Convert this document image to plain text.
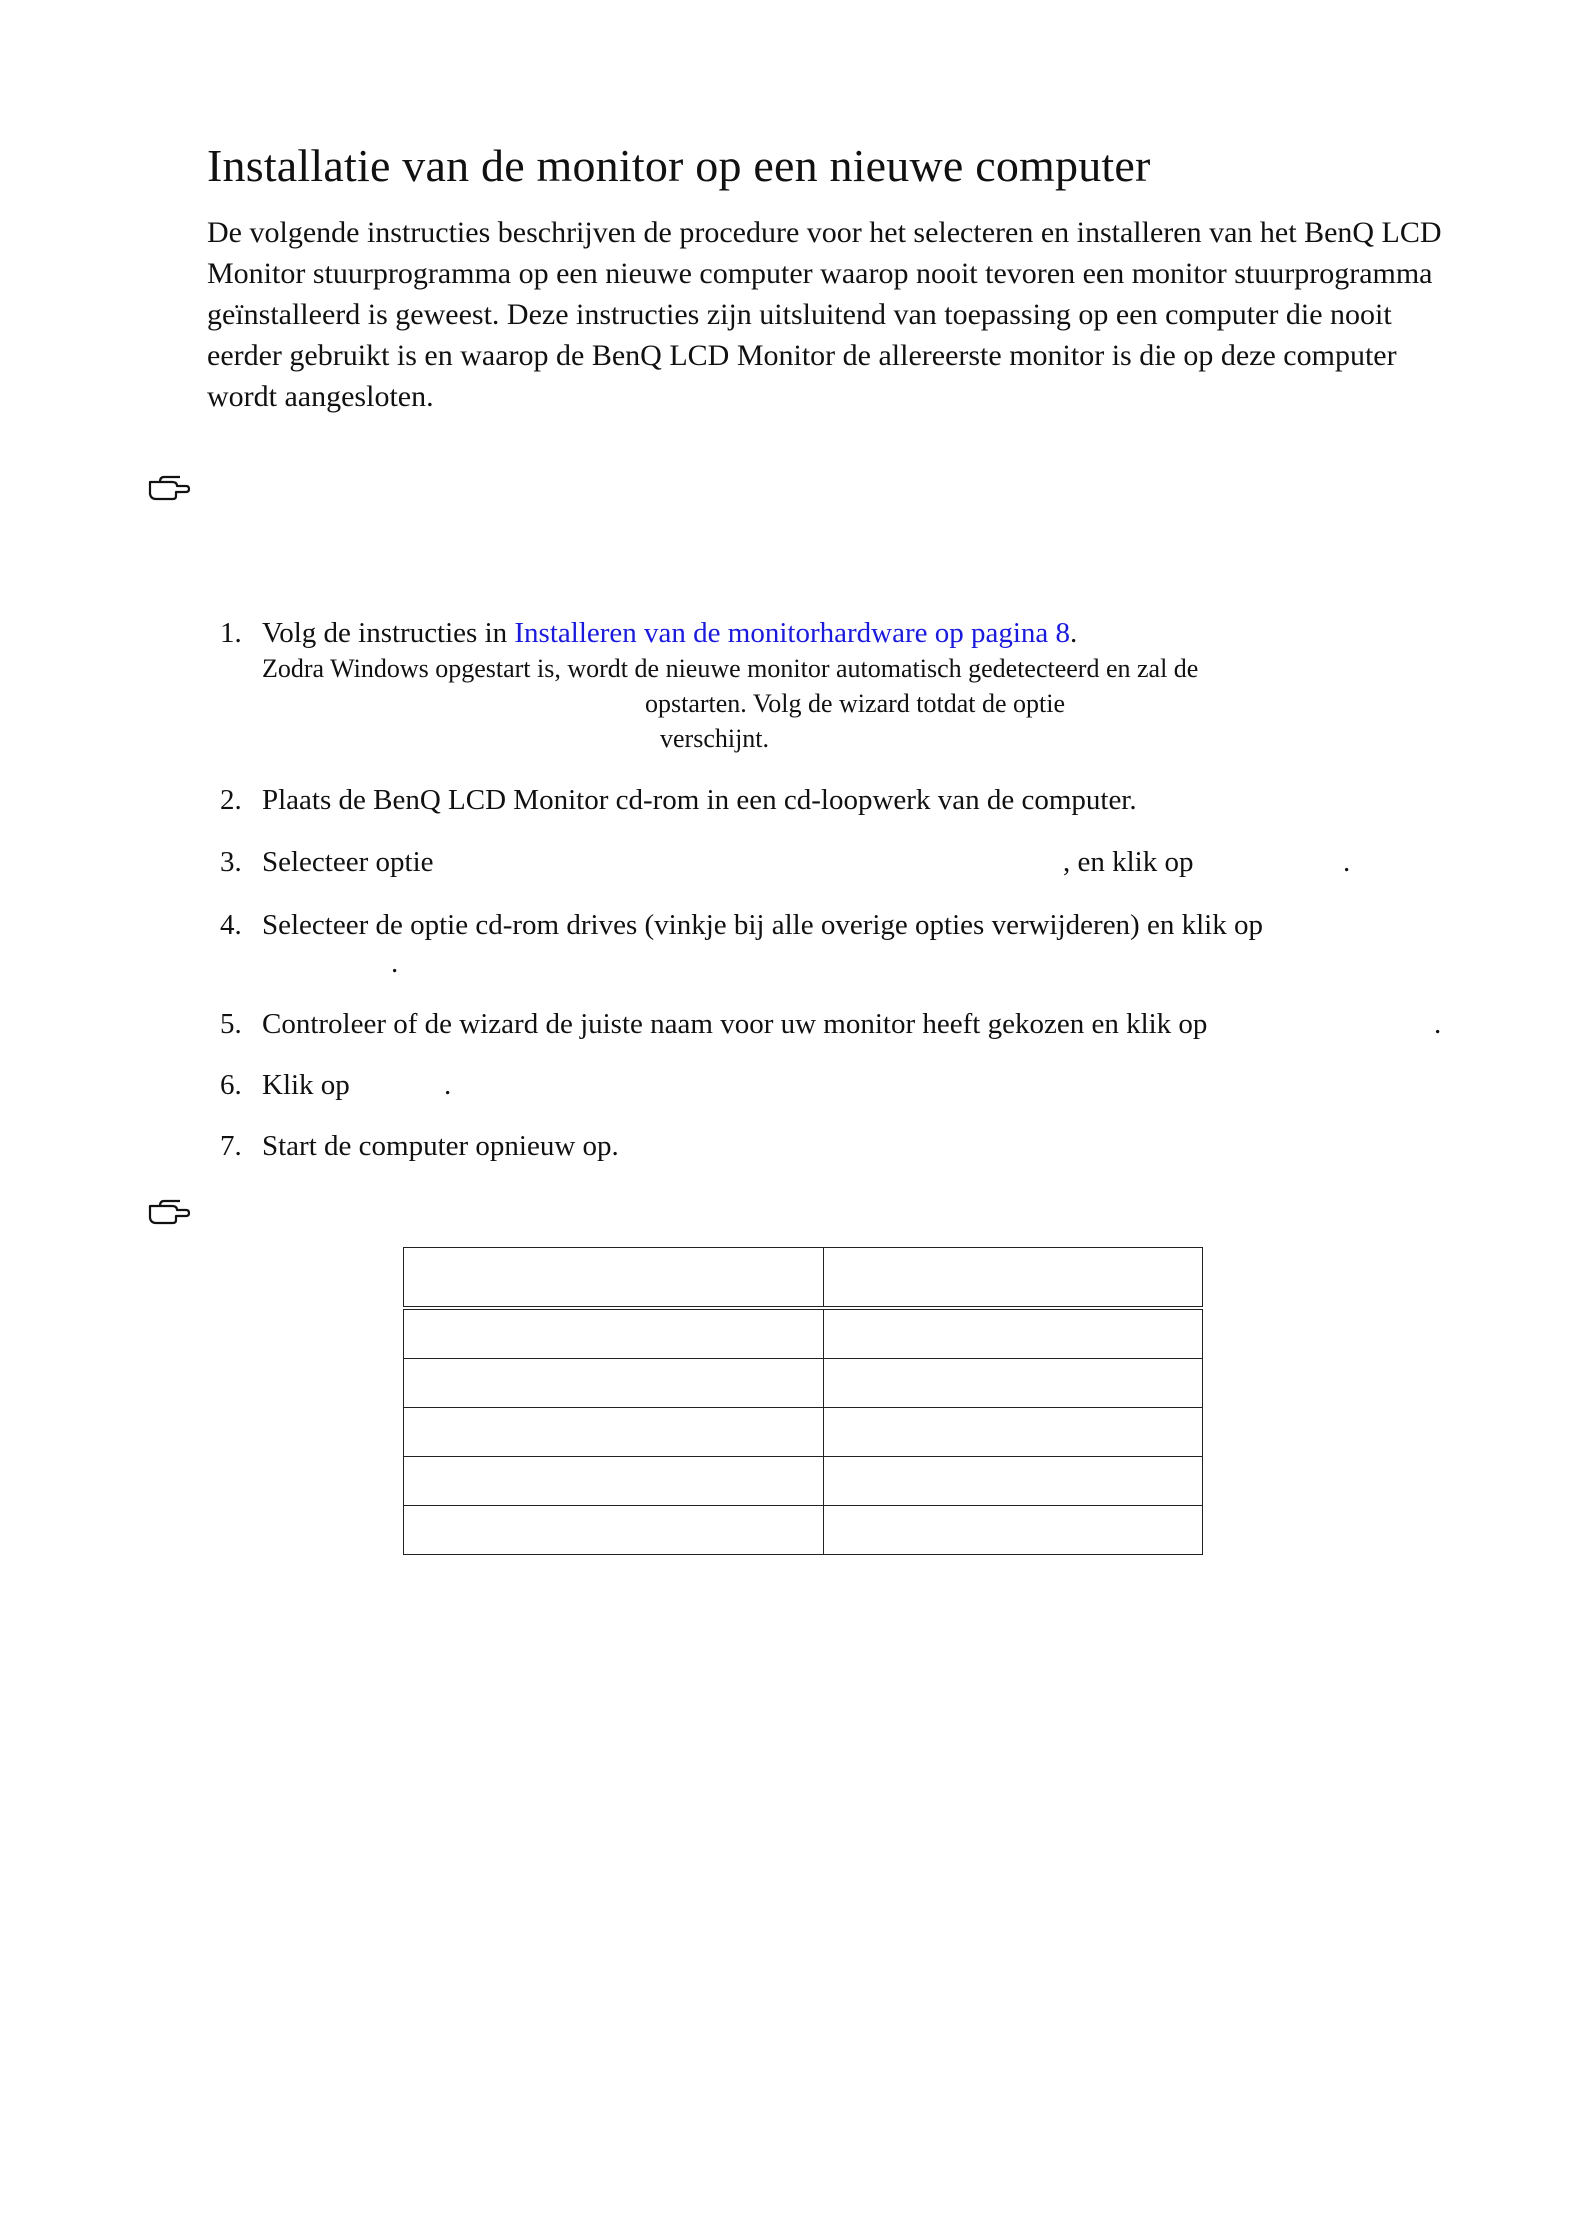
Installatie van de monitor op een nieuwe computer

De volgende instructies beschrijven de procedure voor het selecteren en installeren van het BenQ LCD Monitor stuurprogramma op een nieuwe computer waarop nooit tevoren een monitor stuurprogramma geïnstalleerd is geweest. Deze instructies zijn uitsluitend van toepassing op een computer die nooit eerder gebruikt is en waarop de BenQ LCD Monitor de allereerste monitor is die op deze computer wordt aangesloten.

1. Volg de instructies in Installeren van de monitorhardware op pagina 8.
Zodra Windows opgestart is, wordt de nieuwe monitor automatisch gedetecteerd en zal de
opstarten. Volg de wizard totdat de optie
verschijnt.
2. Plaats de BenQ LCD Monitor cd-rom in een cd-loopwerk van de computer.
3. Selecteer optie	, en klik op	.
4. Selecteer de optie cd-rom drives (vinkje bij alle overige opties verwijderen) en klik op
.
5. Controleer of de wizard de juiste naam voor uw monitor heeft gekozen en klik op	.
6. Klik op	.
7. Start de computer opnieuw op.
